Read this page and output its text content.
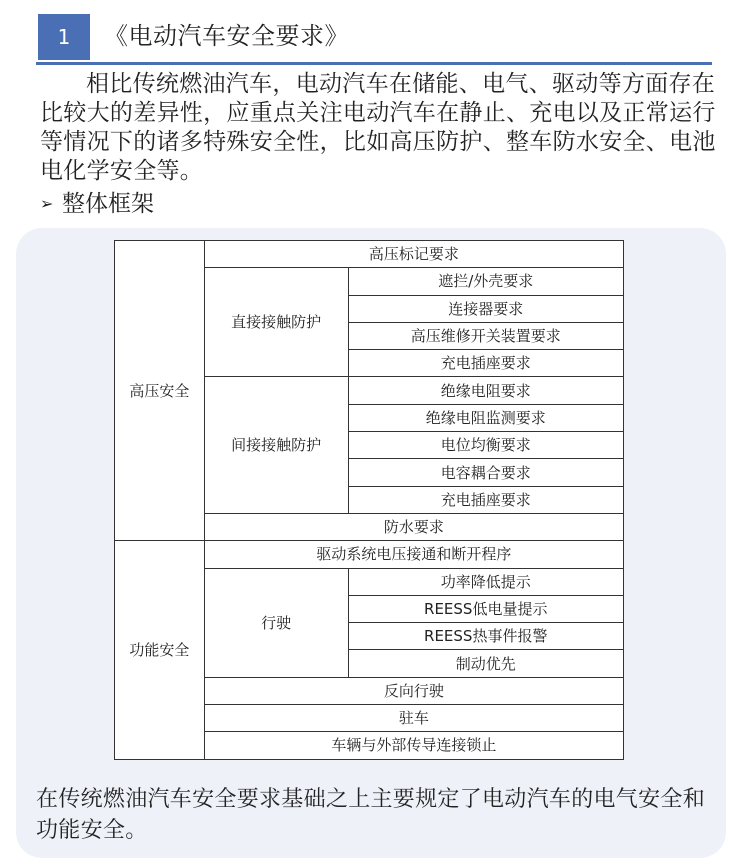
1	《电动汽车安全要求》

相比传统燃油汽车，电动汽车在储能、电气、驱动等方面存在比较大的差异性，应重点关注电动汽车在静止、充电以及正常运行等情况下的诸多特殊安全性，比如高压防护、整车防水安全、电池电化学安全等。

➢ 整体框架
高压安全	高压标记要求	
	直接接触防护	遮拦/外壳要求
		连接器要求
		高压维修开关装置要求
		充电插座要求
	间接接触防护	绝缘电阻要求
		绝缘电阻监测要求
		电位均衡要求
		电容耦合要求
		充电插座要求
	防水要求	
功能安全	驱动系统电压接通和断开程序	
	行驶	功率降低提示
		REESS低电量提示
		REESS热事件报警
		制动优先
	反向行驶	
	驻车	
	车辆与外部传导连接锁止	

在传统燃油汽车安全要求基础之上主要规定了电动汽车的电气安全和功能安全。
